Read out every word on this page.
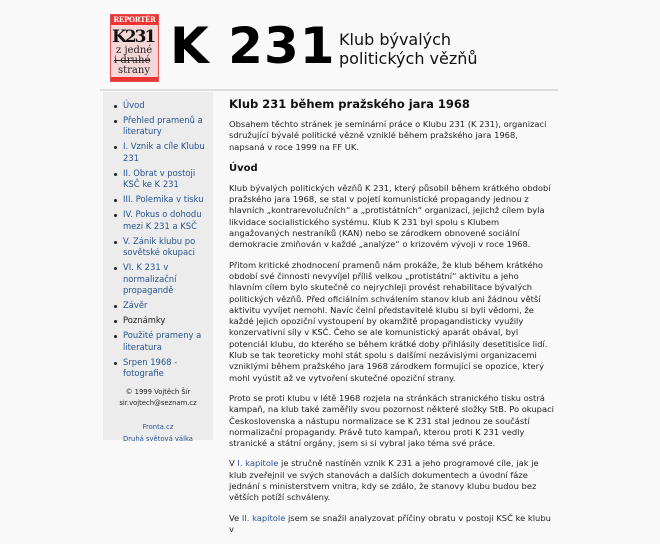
REPORTÉR
K231
z jedné
i druhé
strany K 231 Klub bývalých
politických vězňů
Úvod
Přehled pramenů a literatury
I. Vznik a cíle Klubu 231
II. Obrat v postoji KSČ ke K 231
III. Polemika v tisku
IV. Pokus o dohodu mezi K 231 a KSČ
V. Zánik klubu po sovětské okupaci
VI. K 231 v normalizační propagandě
Závěr
Poznámky
Použité prameny a literatura
Srpen 1968 - fotografie
© 1999 Vojtěch Šír
sir.vojtech@seznam.cz
Fronta.cz
Druhá světová válka
Klub 231 během pražského jara 1968

Obsahem těchto stránek je seminární práce o Klubu 231 (K 231), organizaci sdružující bývalé politické vězně vzniklé během pražského jara 1968, napsaná v roce 1999 na FF UK.

Úvod

Klub bývalých politických vězňů K 231, který působil během krátkého období pražského jara 1968, se stal v pojetí komunistické propagandy jednou z hlavních „kontrarevolučních“ a „protistátních“ organizací, jejichž cílem byla likvidace socialistického systému. Klub K 231 byl spolu s Klubem angažovaných nestraníků (KAN) nebo se zárodkem obnovené sociální demokracie zmiňován v každé „analýze“ o krizovém vývoji v roce 1968.

Přitom kritické zhodnocení pramenů nám prokáže, že klub během krátkého období své činnosti nevyvíjel příliš velkou „protistátní“ aktivitu a jeho hlavním cílem bylo skutečně co nejrychleji provést rehabilitace bývalých politických vězňů. Před oficiálním schválením stanov klub ani žádnou větší aktivitu vyvíjet nemohl. Navíc čelní představitelé klubu si byli vědomi, že každé jejich opoziční vystoupení by okamžitě propagandisticky využily konzervativní síly v KSČ. Čeho se ale komunistický aparát obával, byl potenciál klubu, do kterého se během krátké doby přihlásily desetitisíce lidí. Klub se tak teoreticky mohl stát spolu s dalšími nezávislými organizacemi vzniklými během pražského jara 1968 zárodkem formující se opozice, který mohl vyústit až ve vytvoření skutečné opoziční strany.

Proto se proti klubu v létě 1968 rozjela na stránkách stranického tisku ostrá kampaň, na klub také zaměřily svou pozornost některé složky StB. Po okupaci Československa a nástupu normalizace se K 231 stal jednou ze součástí normalizační propagandy. Právě tuto kampaň, kterou proti K 231 vedly stranické a státní orgány, jsem si si vybral jako téma své práce.

V I. kapitole je stručně nastíněn vznik K 231 a jeho programové cíle, jak je klub zveřejnil ve svých stanovách a dalších dokumentech a úvodní fáze jednání s ministerstvem vnitra, kdy se zdálo, že stanovy klubu budou bez větších potíží schváleny.

Ve II. kapitole jsem se snažil analyzovat příčiny obratu v postoji KSČ ke klubu v
